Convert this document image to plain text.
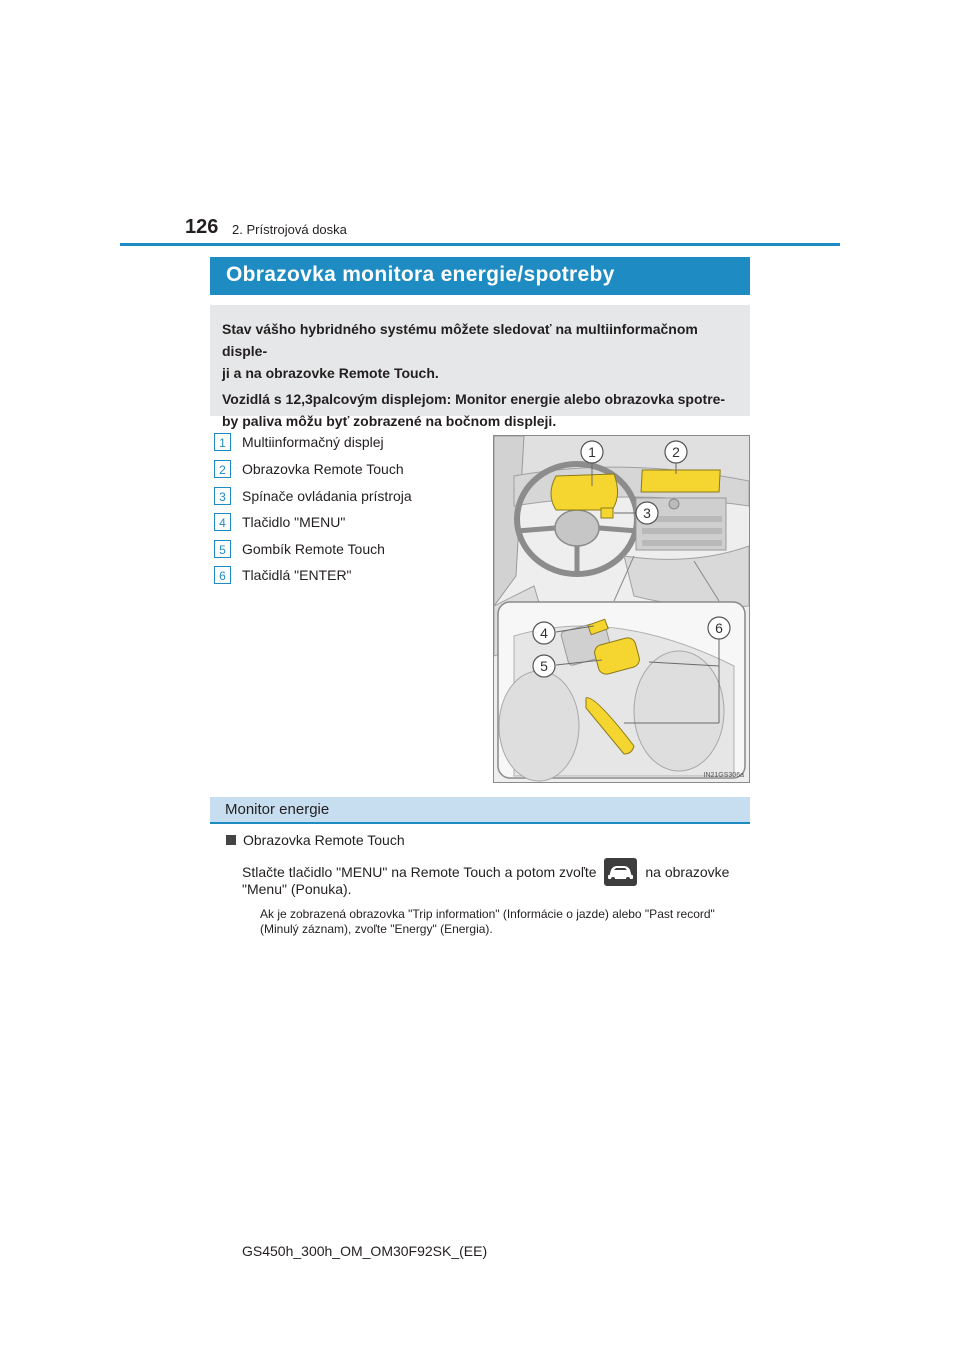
126 2. Prístrojová doska
Obrazovka monitora energie/spotreby

Stav vášho hybridného systému môžete sledovať na multiinformačnom disple-
ji a na obrazovke Remote Touch.

Vozidlá s 12,3palcovým displejom: Monitor energie alebo obrazovka spotre-
by paliva môžu byť zobrazené na bočnom displeji.

1	Multiinformačný displej
2	Obrazovka Remote Touch
3	Spínače ovládania prístroja
4	Tlačidlo "MENU"
5	Gombík Remote Touch
6	Tlačidlá "ENTER"
1	2
3
4
5
6
IN21GS306a
Monitor energie
Obrazovka Remote Touch
Stlačte tlačidlo "MENU" na Remote Touch a potom zvoľte	na obrazovke
"Menu" (Ponuka).
Ak je zobrazená obrazovka "Trip information" (Informácie o jazde) alebo "Past record" (Minulý záznam), zvoľte "Energy" (Energia).
GS450h_300h_OM_OM30F92SK_(EE)
